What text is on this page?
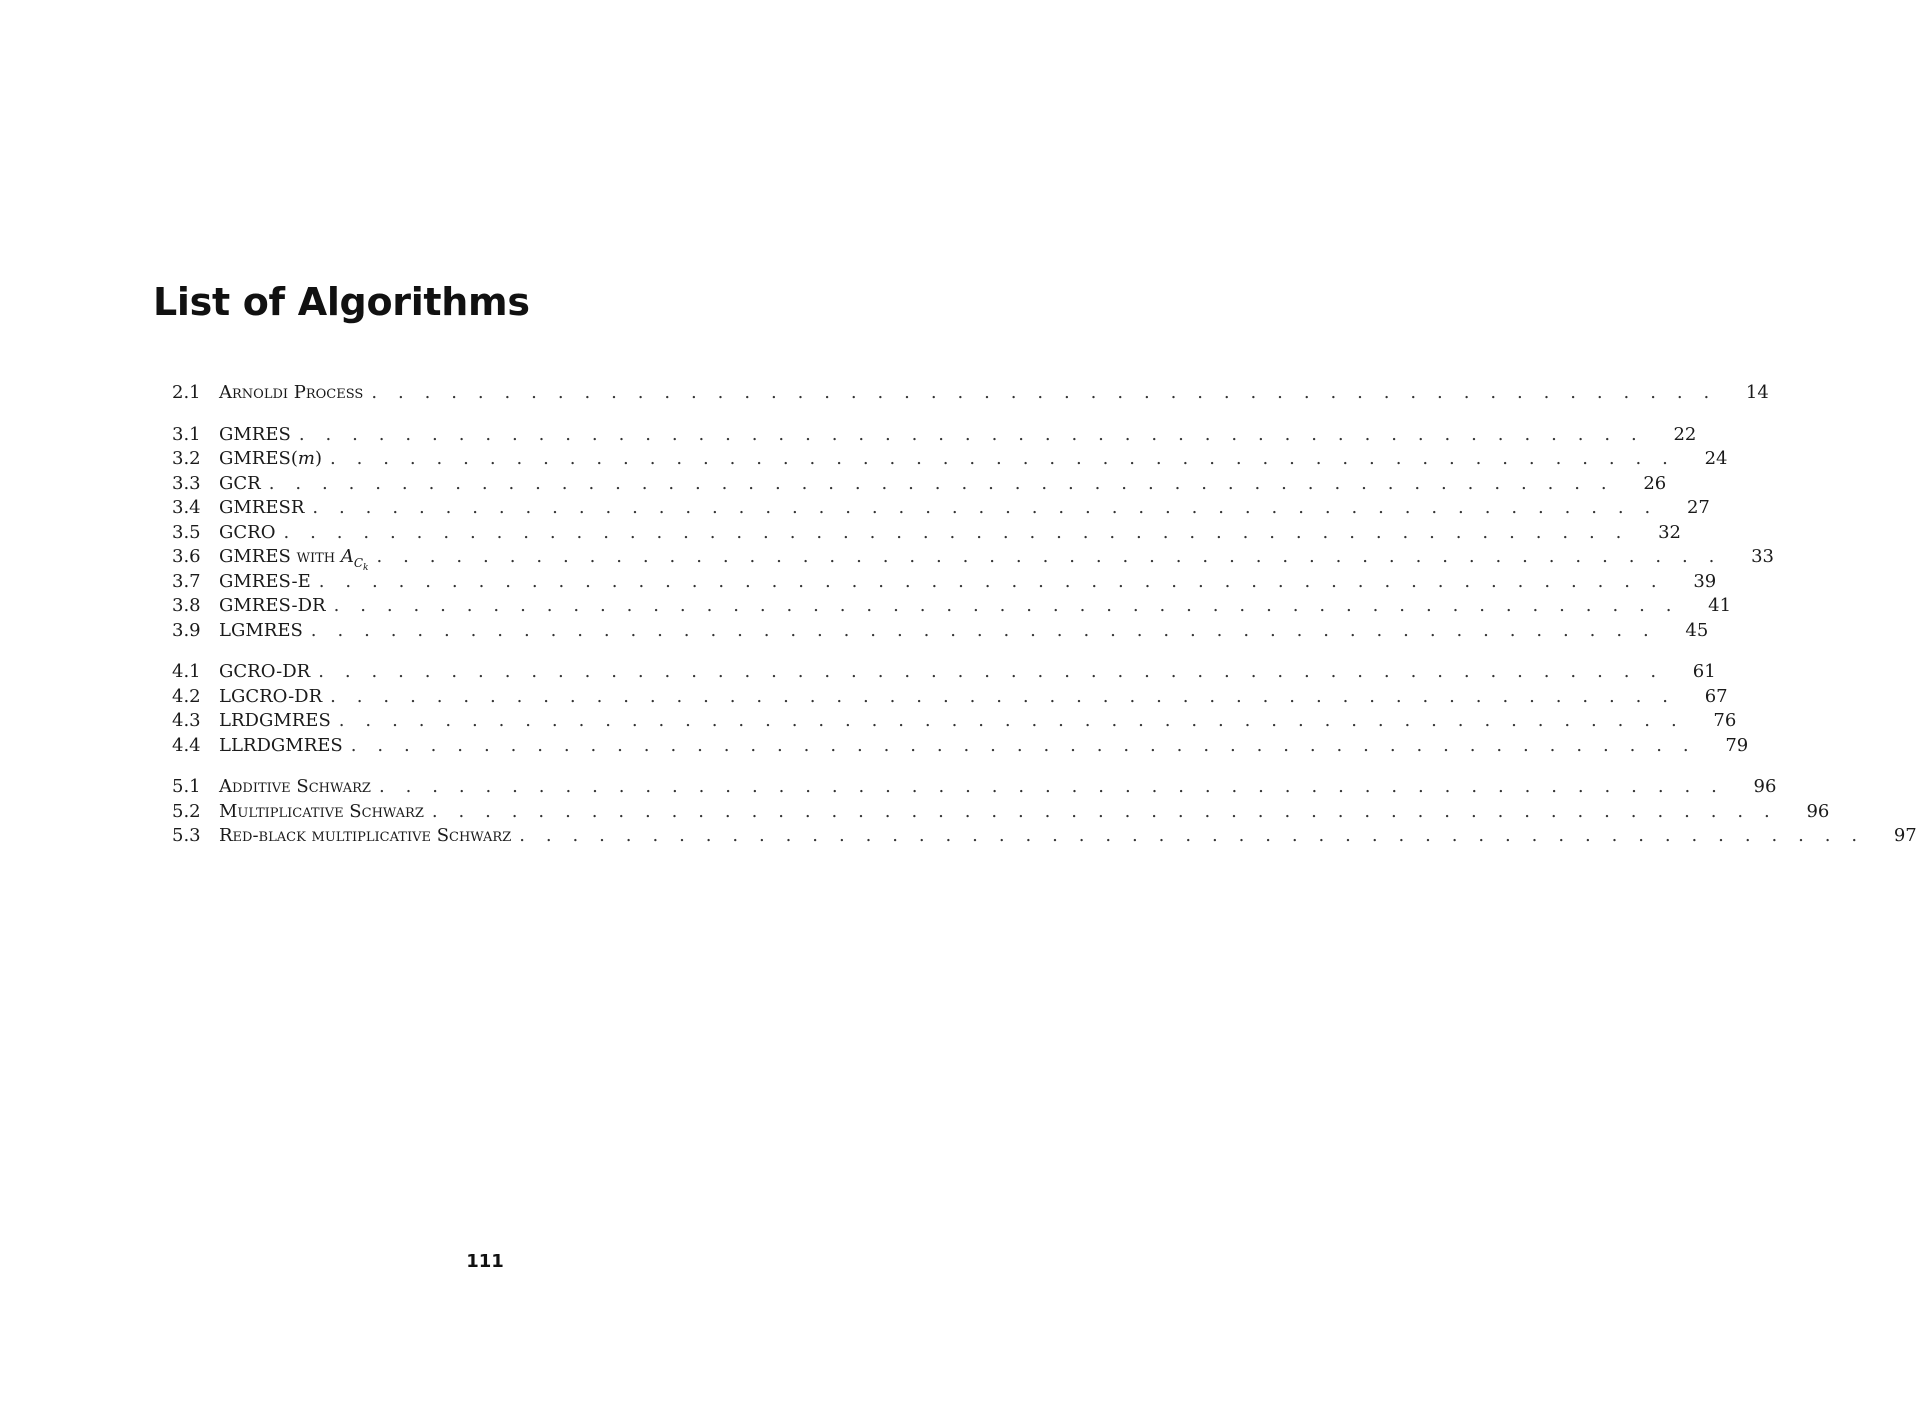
List of Algorithms
2.1	Arnoldi Process . . . . . . . . . . . . . . . . . . . . . . . . . . . . . . . . . . . . . . . . . . . . . . . . . . .	14
3.1	GMRES . . . . . . . . . . . . . . . . . . . . . . . . . . . . . . . . . . . . . . . . . . . . . . . . . . .	22
3.2	GMRES(m) . . . . . . . . . . . . . . . . . . . . . . . . . . . . . . . . . . . . . . . . . . . . . . . . . . .	24
3.3	GCR . . . . . . . . . . . . . . . . . . . . . . . . . . . . . . . . . . . . . . . . . . . . . . . . . . .	26
3.4	GMRESR . . . . . . . . . . . . . . . . . . . . . . . . . . . . . . . . . . . . . . . . . . . . . . . . . . .	27
3.5	GCRO . . . . . . . . . . . . . . . . . . . . . . . . . . . . . . . . . . . . . . . . . . . . . . . . . . .	32
3.6	GMRES with $A_{C_k}$
. . . . . . . . . . . . . . . . . . . . . . . . . . . . . . . . . . . . . . . . . . . . . . . . . . .	33
3.7	GMRES-E . . . . . . . . . . . . . . . . . . . . . . . . . . . . . . . . . . . . . . . . . . . . . . . . . . .	39
3.8	GMRES-DR . . . . . . . . . . . . . . . . . . . . . . . . . . . . . . . . . . . . . . . . . . . . . . . . . . .	41
3.9	LGMRES . . . . . . . . . . . . . . . . . . . . . . . . . . . . . . . . . . . . . . . . . . . . . . . . . . .	45
4.1	GCRO-DR . . . . . . . . . . . . . . . . . . . . . . . . . . . . . . . . . . . . . . . . . . . . . . . . . . .	61
4.2	LGCRO-DR . . . . . . . . . . . . . . . . . . . . . . . . . . . . . . . . . . . . . . . . . . . . . . . . . . .	67
4.3	LRDGMRES . . . . . . . . . . . . . . . . . . . . . . . . . . . . . . . . . . . . . . . . . . . . . . . . . . .	76
4.4	LLRDGMRES . . . . . . . . . . . . . . . . . . . . . . . . . . . . . . . . . . . . . . . . . . . . . . . . . . .	79
5.1	Additive Schwarz . . . . . . . . . . . . . . . . . . . . . . . . . . . . . . . . . . . . . . . . . . . . . . . . . . .	96
5.2	Multiplicative Schwarz . . . . . . . . . . . . . . . . . . . . . . . . . . . . . . . . . . . . . . . . . . . . . . . . . . .	96
5.3	Red-black multiplicative Schwarz . . . . . . . . . . . . . . . . . . . . . . . . . . . . . . . . . . . . . . . . . . . . . . . . . . .	97
111
